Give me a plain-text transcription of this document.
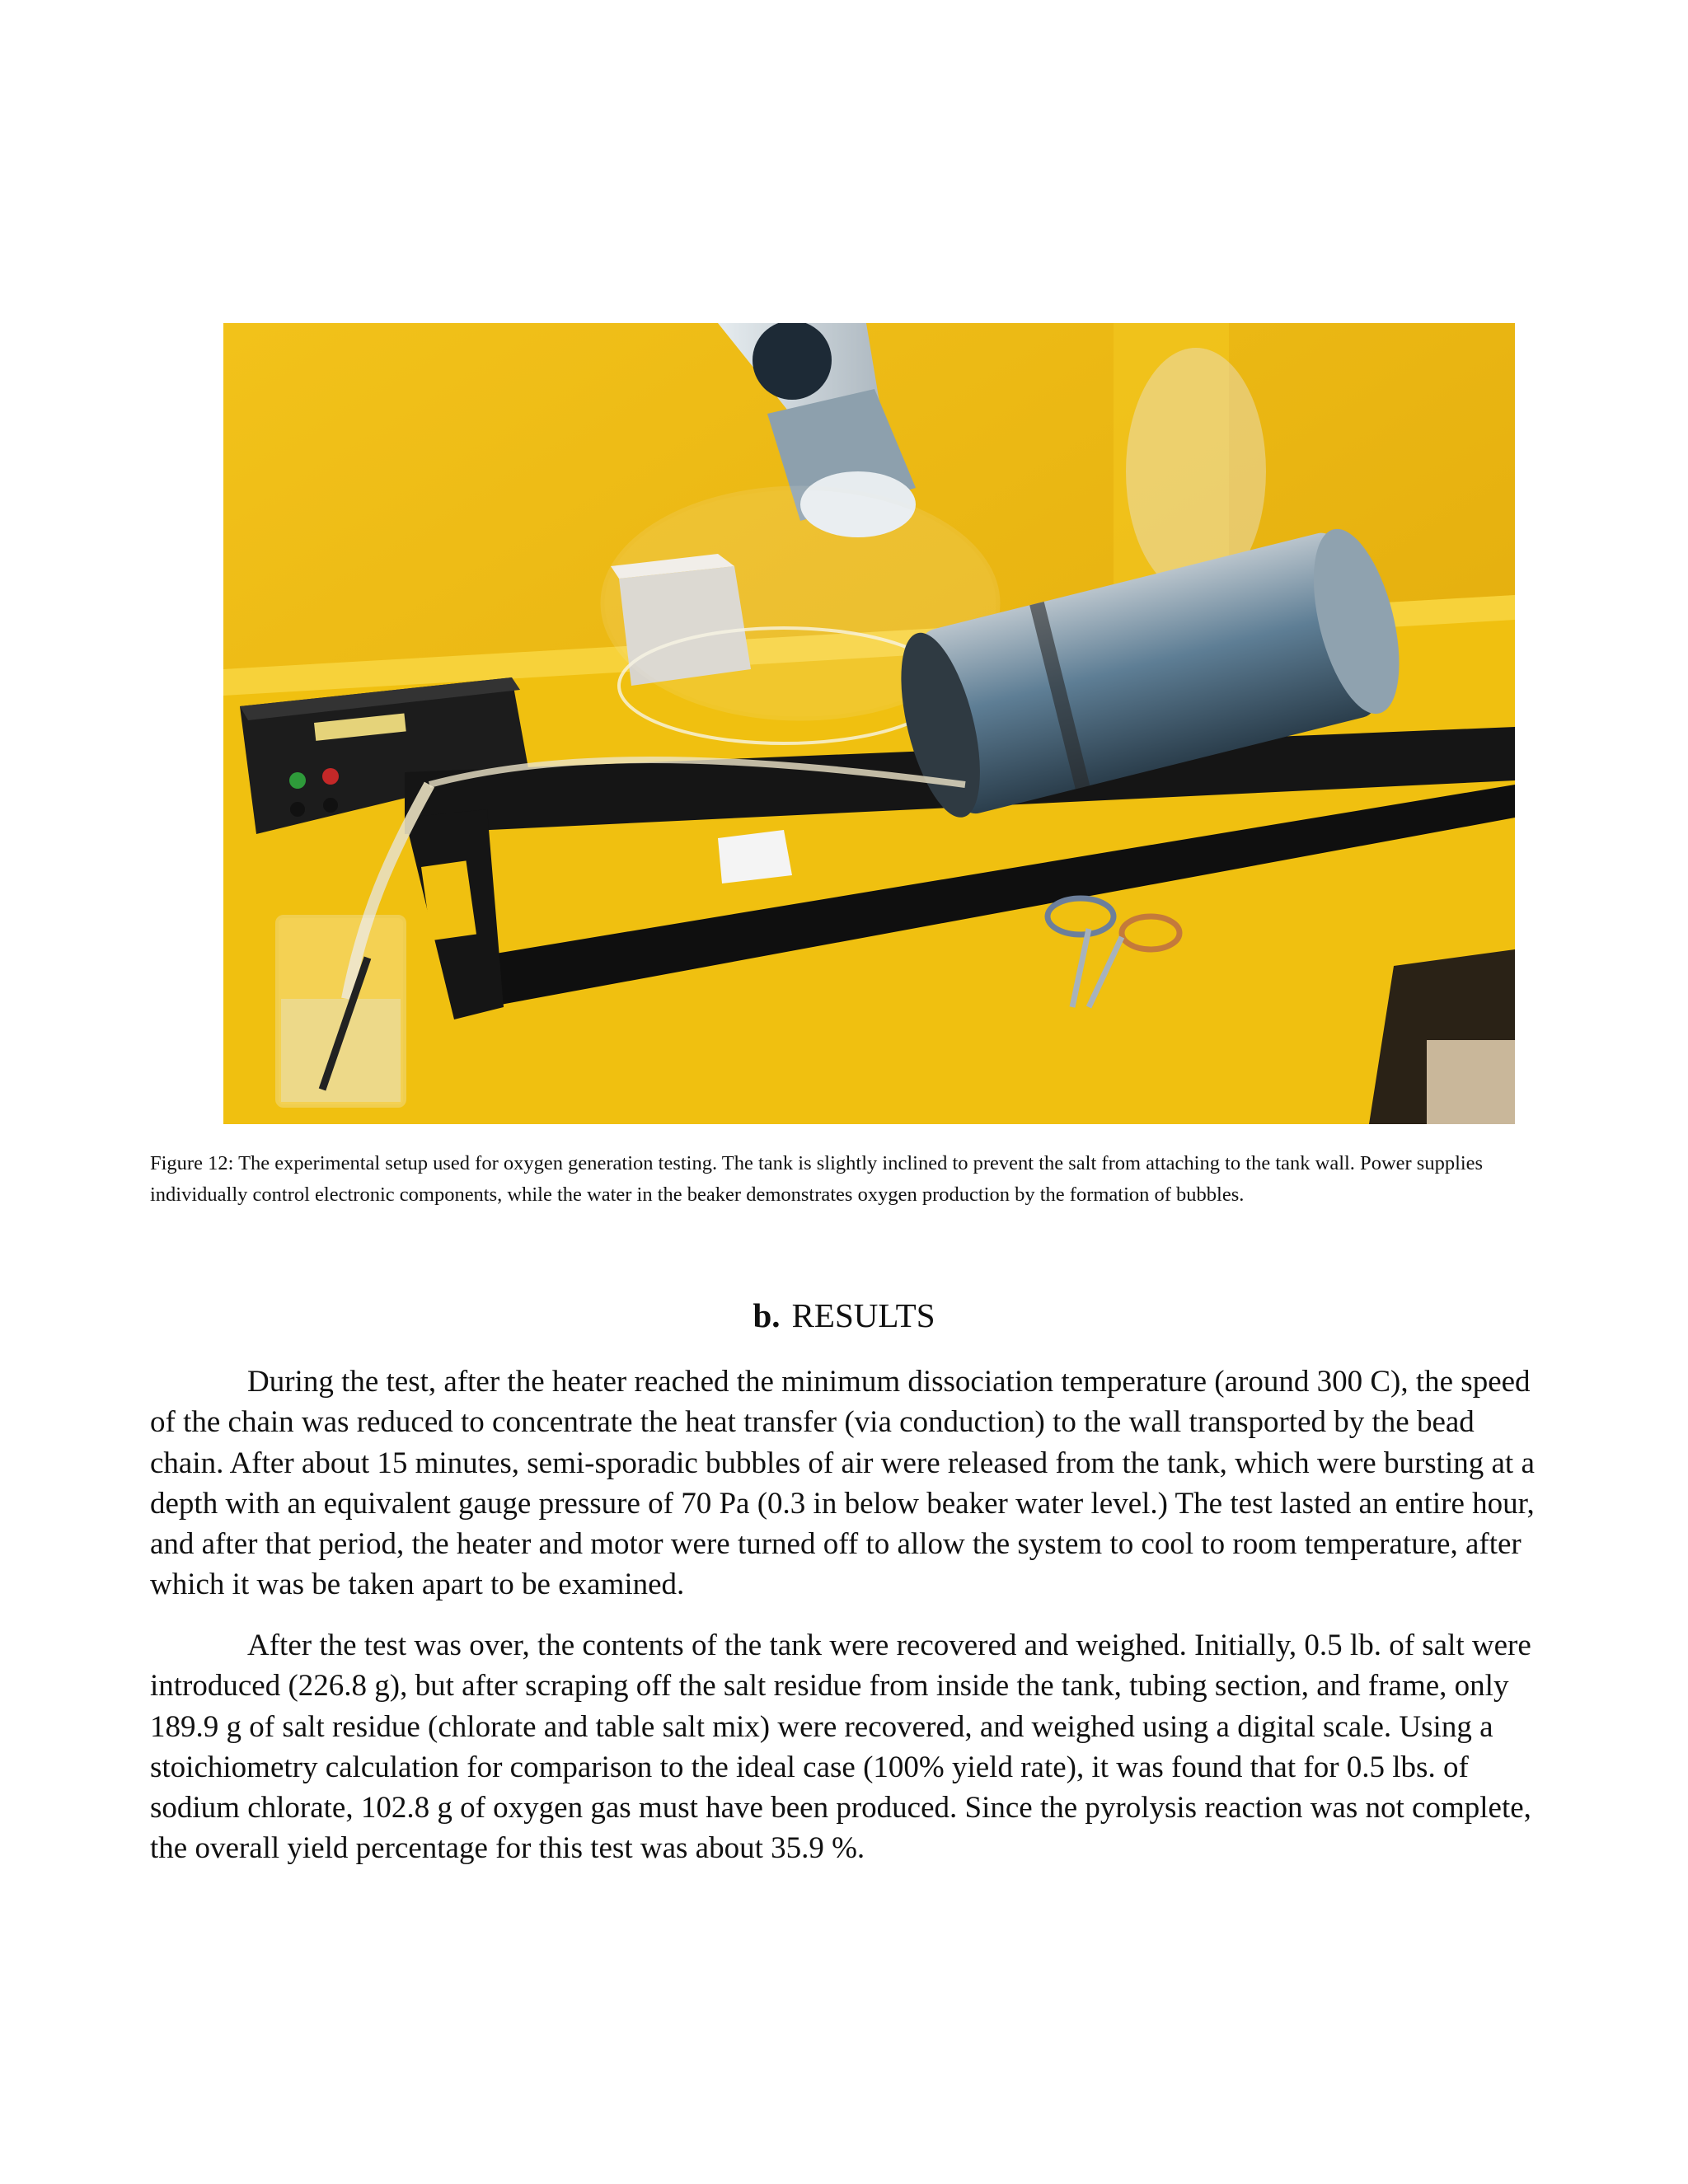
Figure 12: The experimental setup used for oxygen generation testing. The tank is slightly inclined to prevent the salt from attaching to the tank wall. Power supplies individually control electronic components, while the water in the beaker demonstrates oxygen production by the formation of bubbles.

b. RESULTS

During the test, after the heater reached the minimum dissociation temperature (around 300 C), the speed of the chain was reduced to concentrate the heat transfer (via conduction) to the wall transported by the bead chain. After about 15 minutes, semi-sporadic bubbles of air were released from the tank, which were bursting at a depth with an equivalent gauge pressure of 70 Pa (0.3 in below beaker water level.) The test lasted an entire hour, and after that period, the heater and motor were turned off to allow the system to cool to room temperature, after which it was be taken apart to be examined.

After the test was over, the contents of the tank were recovered and weighed. Initially, 0.5 lb. of salt were introduced (226.8 g), but after scraping off the salt residue from inside the tank, tubing section, and frame, only 189.9 g of salt residue (chlorate and table salt mix) were recovered, and weighed using a digital scale. Using a stoichiometry calculation for comparison to the ideal case (100% yield rate), it was found that for 0.5 lbs. of sodium chlorate, 102.8 g of oxygen gas must have been produced. Since the pyrolysis reaction was not complete, the overall yield percentage for this test was about 35.9 %.
